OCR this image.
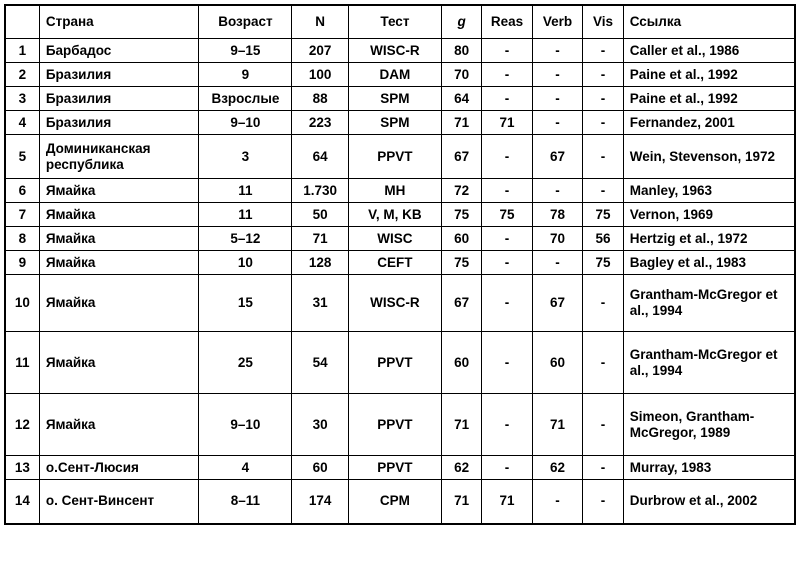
	Страна	Возраст	N	Тест	g	Reas	Verb	Vis	Ссылка
1	Барбадос	9–15	207	WISC-R	80	-	-	-	Caller et al., 1986
2	Бразилия	9	100	DAM	70	-	-	-	Paine et al., 1992
3	Бразилия	Взрослые	88	SPM	64	-	-	-	Paine et al., 1992
4	Бразилия	9–10	223	SPM	71	71	-	-	Fernandez, 2001
5	Доминиканская республика	3	64	PPVT	67	-	67	-	Wein, Stevenson, 1972
6	Ямайка	11	1.730	MH	72	-	-	-	Manley, 1963
7	Ямайка	11	50	V, M, KB	75	75	78	75	Vernon, 1969
8	Ямайка	5–12	71	WISC	60	-	70	56	Hertzig et al., 1972
9	Ямайка	10	128	CEFT	75	-	-	75	Bagley et al., 1983
10	Ямайка	15	31	WISC-R	67	-	67	-	Grantham-McGregor et al., 1994
11	Ямайка	25	54	PPVT	60	-	60	-	Grantham-McGregor et al., 1994
12	Ямайка	9–10	30	PPVT	71	-	71	-	Simeon, Grantham-McGregor, 1989
13	о.Сент-Люсия	4	60	PPVT	62	-	62	-	Murray, 1983
14	о. Сент-Винсент	8–11	174	CPM	71	71	-	-	Durbrow et al., 2002
